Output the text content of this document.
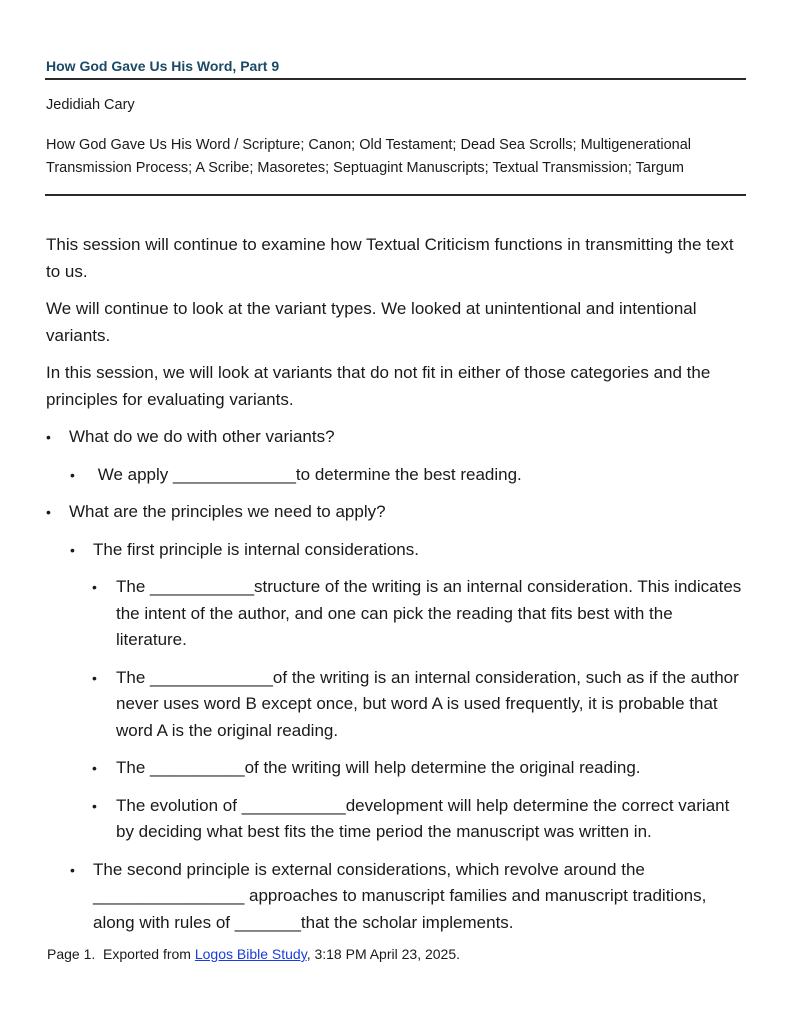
How God Gave Us His Word, Part 9
Jedidiah Cary
How God Gave Us His Word / Scripture; Canon; Old Testament; Dead Sea Scrolls; Multigenerational Transmission Process; A Scribe; Masoretes; Septuagint Manuscripts; Textual Transmission; Targum

This session will continue to examine how Textual Criticism functions in transmitting the text to us.

We will continue to look at the variant types. We looked at unintentional and intentional variants.

In this session, we will look at variants that do not fit in either of those categories and the principles for evaluating variants.

• What do we do with other variants?
• We apply _____________to determine the best reading.
• What are the principles we need to apply?
• The first principle is internal considerations.
• The ___________structure of the writing is an internal consideration. This indicates the intent of the author, and one can pick the reading that fits best with the literature.
• The _____________of the writing is an internal consideration, such as if the author never uses word B except once, but word A is used frequently, it is probable that word A is the original reading.
• The __________of the writing will help determine the original reading.
• The evolution of ___________development will help determine the correct variant by deciding what best fits the time period the manuscript was written in.
• The second principle is external considerations, which revolve around the ________________ approaches to manuscript families and manuscript traditions, along with rules of _______that the scholar implements.
Page 1.  Exported from Logos Bible Study, 3:18 PM April 23, 2025.
